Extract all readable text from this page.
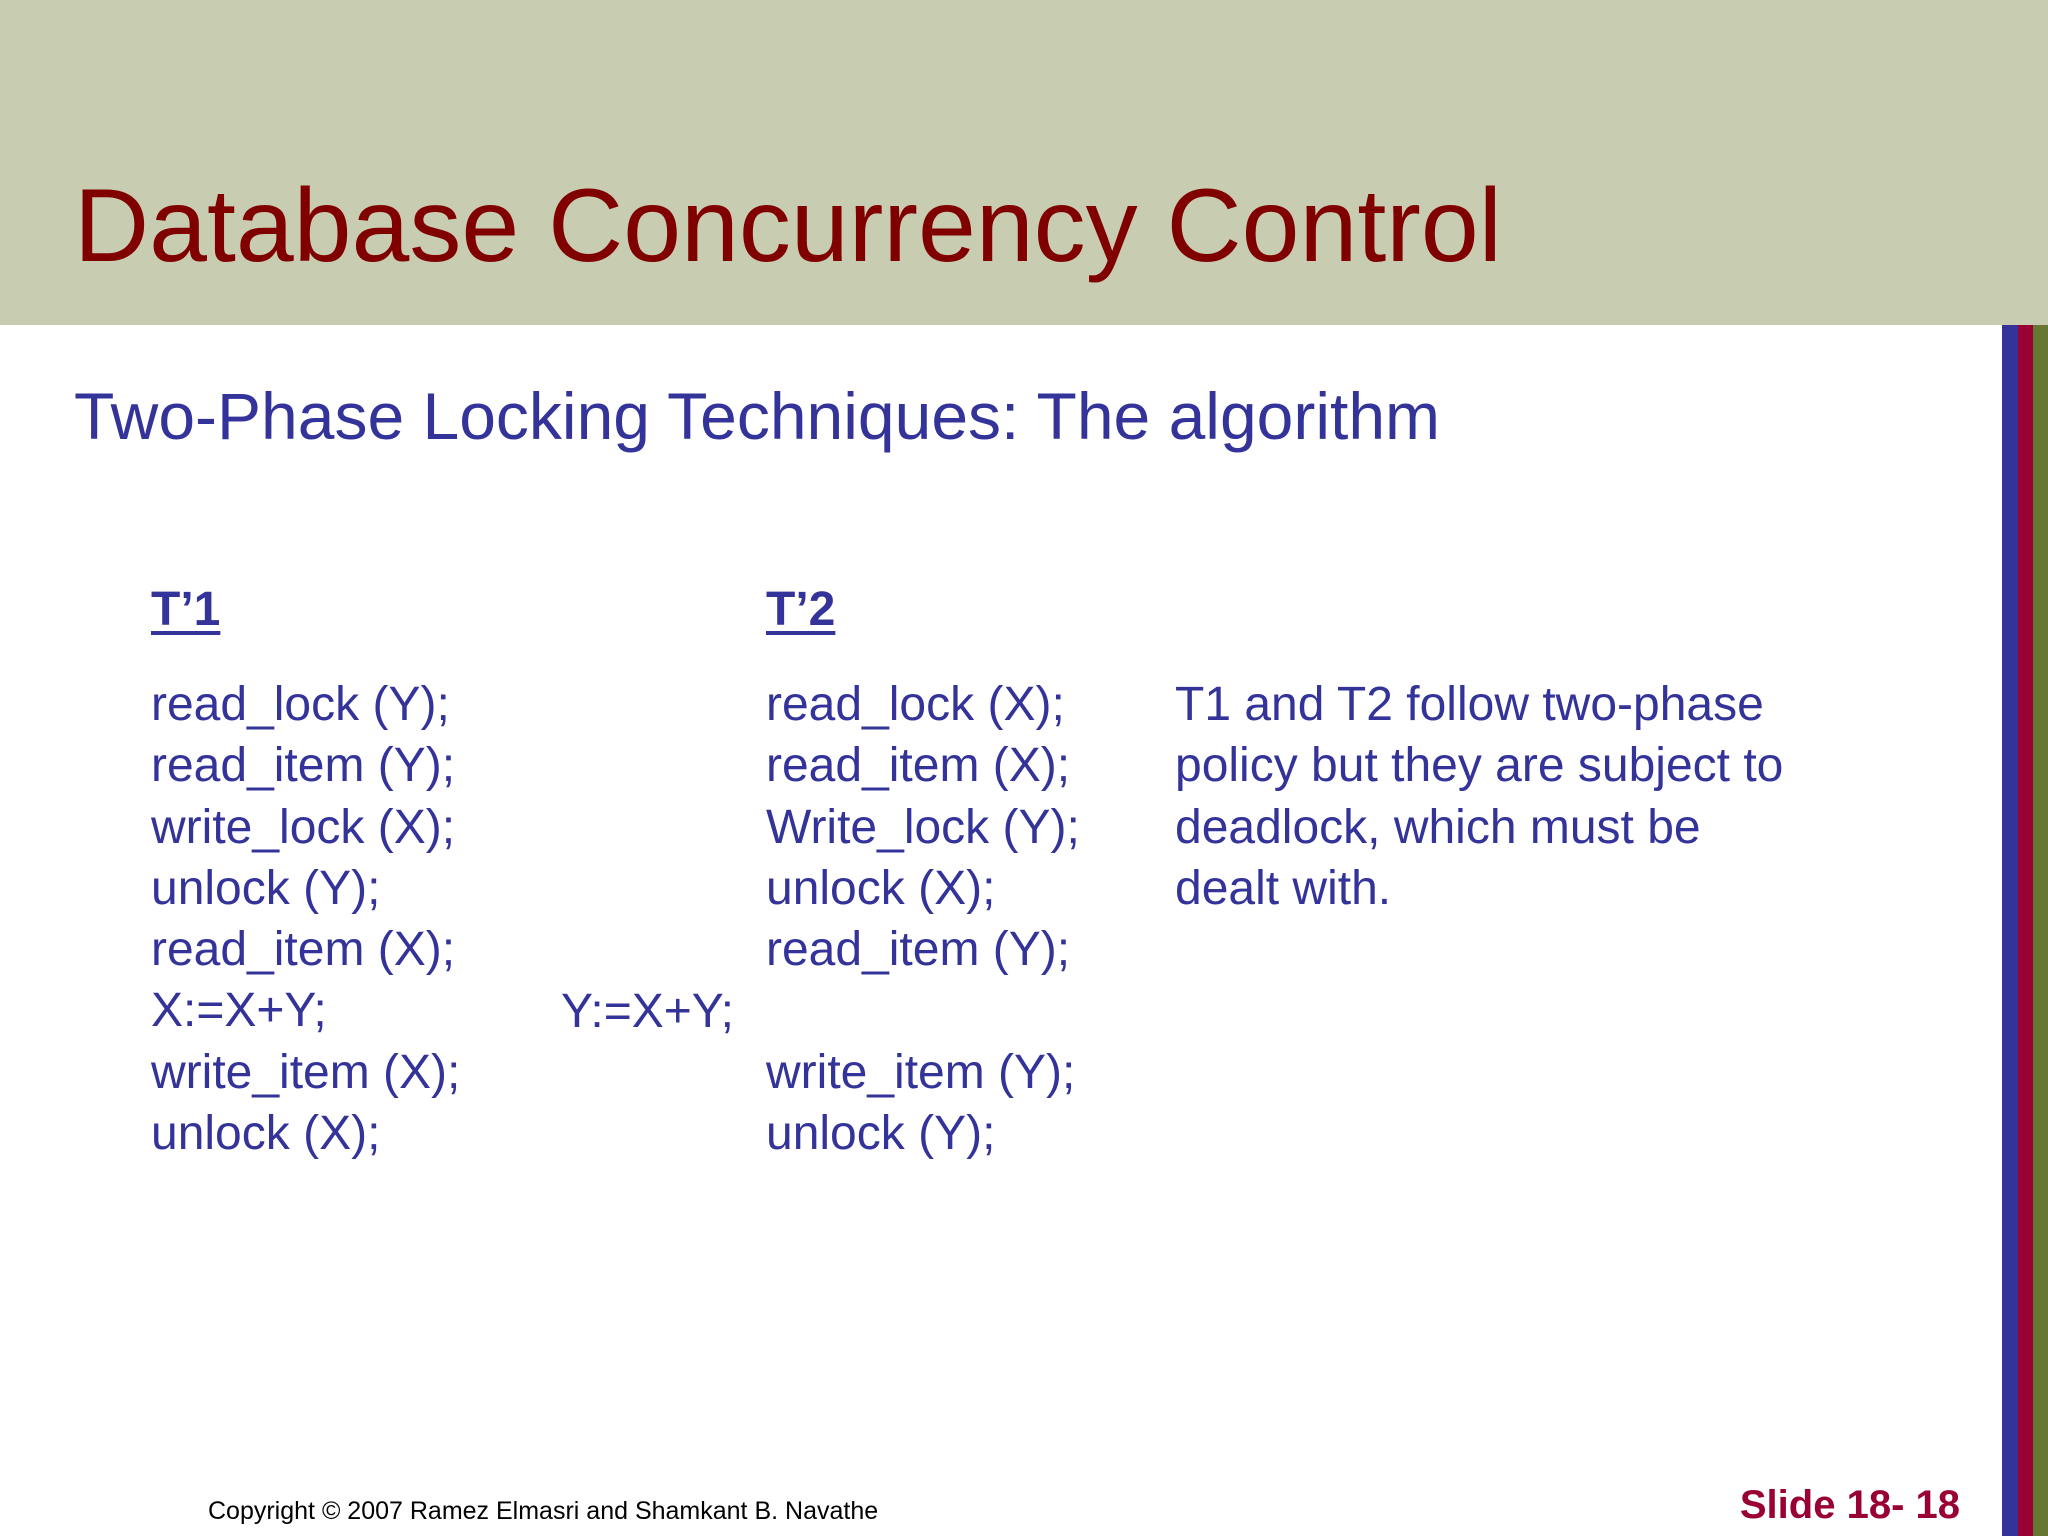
Database Concurrency Control
Two-Phase Locking Techniques: The algorithm
T’1	T’2
read_lock (Y);
read_item (Y);
write_lock (X);
unlock (Y);
read_item (X);
X:=X+Y;
write_item (X);
unlock (X);
Y:=X+Y;
read_lock (X);
read_item (X);
Write_lock (Y);
unlock (X);
read_item (Y);
write_item (Y);
unlock (Y);
T1 and T2 follow two-phase
policy but they are subject to
deadlock, which must be
dealt with.
Copyright © 2007 Ramez Elmasri and Shamkant B. Navathe	Slide 18- 18
